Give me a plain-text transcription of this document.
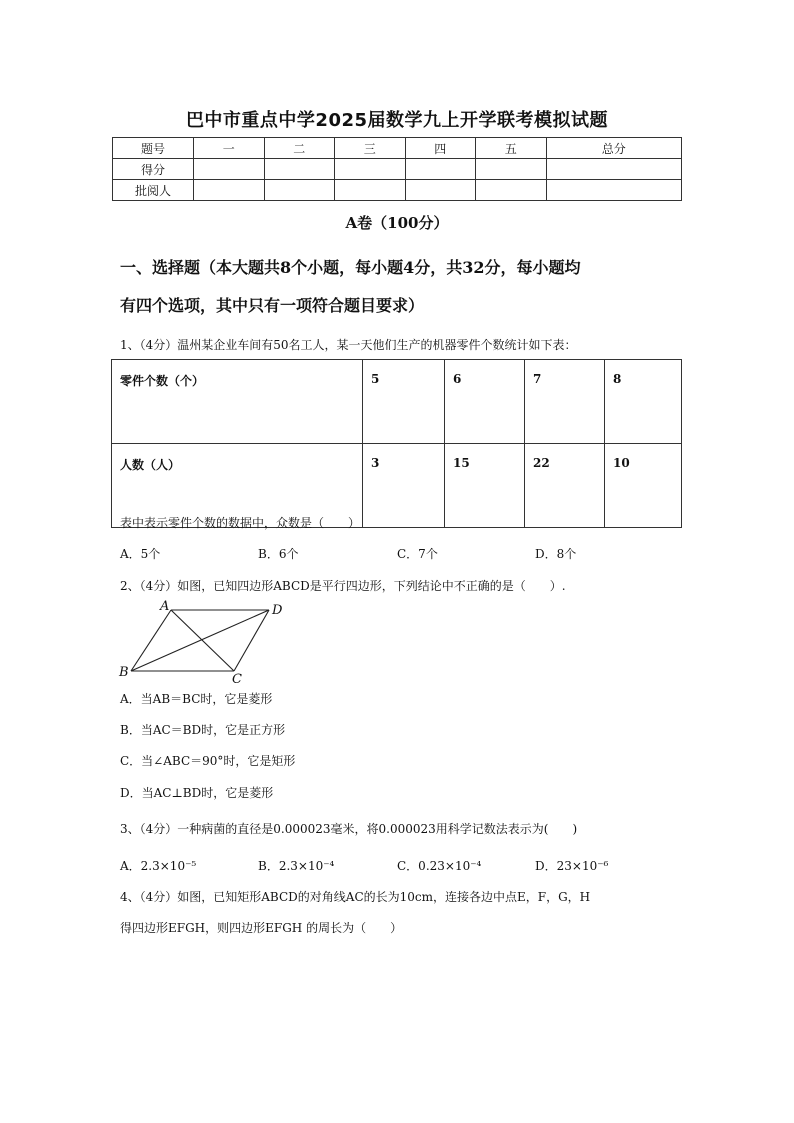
巴中市重点中学2025届数学九上开学联考模拟试题
题号	一	二	三	四	五	总分
得分						
批阅人						
A卷（100分）
一、选择题（本大题共8个小题，每小题4分，共32分，每小题均
有四个选项，其中只有一项符合题目要求）
1、（4分）温州某企业车间有50名工人，某一天他们生产的机器零件个数统计如下表：
零件个数（个）	5	6	7	8
人数（人）	3	15	22	10
表中表示零件个数的数据中，众数是（　　）
A．5个	B．6个	C．7个	D．8个
2、（4分）如图，已知四边形ABCD是平行四边形，下列结论中不正确的是（　　）.
A	D
B	C
A．当AB＝BC时，它是菱形
B．当AC＝BD时，它是正方形
C．当∠ABC＝90°时，它是矩形
D．当AC⊥BD时，它是菱形
3、（4分）一种病菌的直径是0.000023毫米，将0.000023用科学记数法表示为(　　)
A．2.3×10⁻⁵	B．2.3×10⁻⁴	C．0.23×10⁻⁴	D．23×10⁻⁶
4、（4分）如图，已知矩形ABCD的对角线AC的长为10cm，连接各边中点E，F，G，H
得四边形EFGH，则四边形EFGH 的周长为（　　）
